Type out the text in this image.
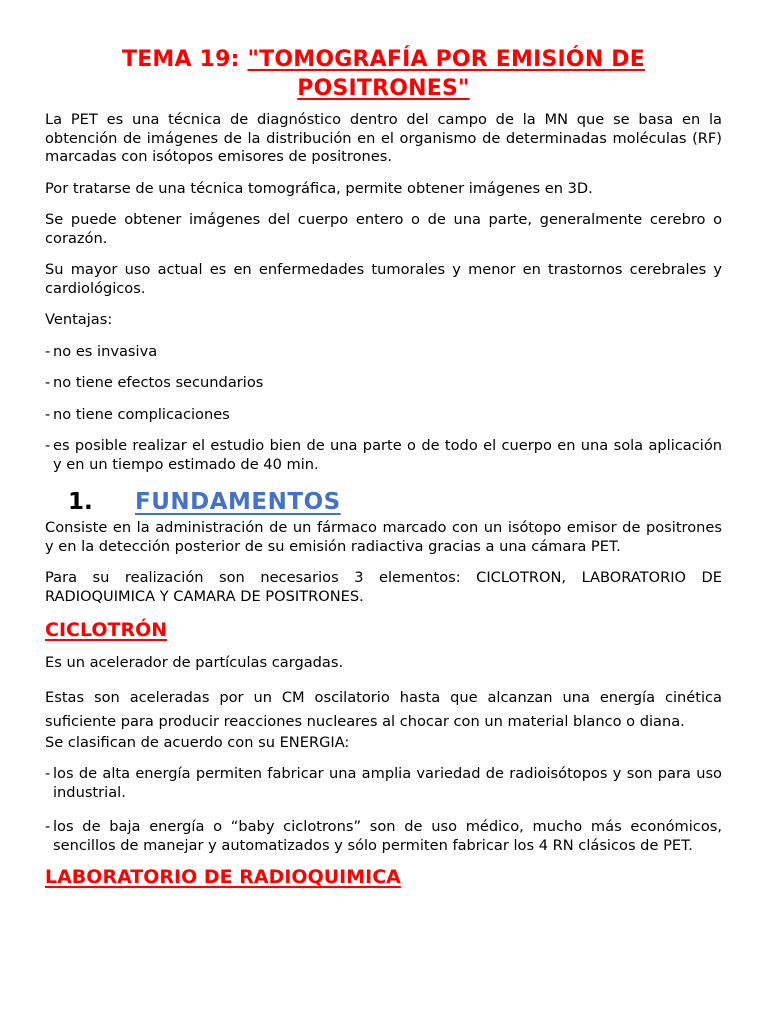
TEMA 19: "TOMOGRAFÍA POR EMISIÓN DE POSITRONES"

La PET es una técnica de diagnóstico dentro del campo de la MN que se basa en la obtención de imágenes de la distribución en el organismo de determinadas moléculas (RF) marcadas con isótopos emisores de positrones.

Por tratarse de una técnica tomográfica, permite obtener imágenes en 3D.

Se puede obtener imágenes del cuerpo entero o de una parte, generalmente cerebro o corazón.

Su mayor uso actual es en enfermedades tumorales y menor en trastornos cerebrales y cardiológicos.

Ventajas:

- no es invasiva
- no tiene efectos secundarios
- no tiene complicaciones
- es posible realizar el estudio bien de una parte o de todo el cuerpo en una sola aplicación y en un tiempo estimado de 40 min.
1.	FUNDAMENTOS

Consiste en la administración de un fármaco marcado con un isótopo emisor de positrones y en la detección posterior de su emisión radiactiva gracias a una cámara PET.

Para su realización son necesarios 3 elementos: CICLOTRON, LABORATORIO DE RADIOQUIMICA Y CAMARA DE POSITRONES.

CICLOTRÓN

Es un acelerador de partículas cargadas.

Estas son aceleradas por un CM oscilatorio hasta que alcanzan una energía cinética suficiente para producir reacciones nucleares al chocar con un material blanco o diana.

Se clasifican de acuerdo con su ENERGIA:

- los de alta energía permiten fabricar una amplia variedad de radioisótopos y son para uso industrial.
- los de baja energía o “baby ciclotrons” son de uso médico, mucho más económicos, sencillos de manejar y automatizados y sólo permiten fabricar los 4 RN clásicos de PET.
LABORATORIO DE RADIOQUIMICA
